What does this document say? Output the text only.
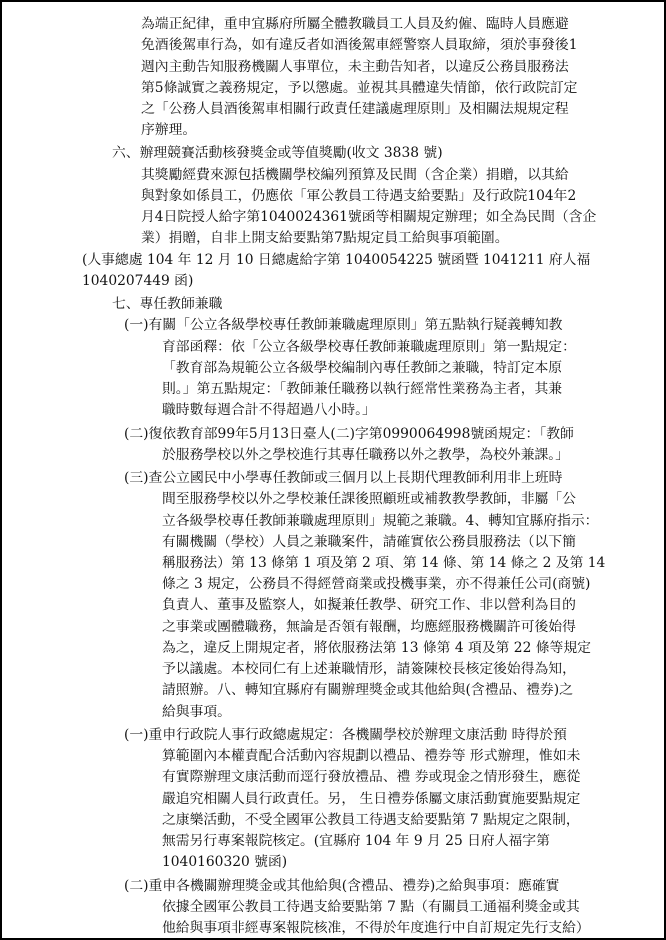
為端正紀律，重申宜縣府所屬全體教職員工人員及約僱、臨時人員應避
免酒後駕車行為，如有違反者如酒後駕車經警察人員取締，須於事發後1
週內主動告知服務機關人事單位，未主動告知者，以違反公務員服務法
第5條誠實之義務規定，予以懲處。並視其具體違失情節，依行政院訂定
之「公務人員酒後駕車相關行政責任建議處理原則」及相關法規規定程
序辦理。
六、辦理競賽活動核發獎金或等值獎勵(收文 3838 號)
其獎勵經費來源包括機關學校編列預算及民間（含企業）捐贈，以其給
與對象如係員工，仍應依「軍公教員工待遇支給要點」及行政院104年2
月4日院授人給字第1040024361號函等相關規定辦理；如全為民間（含企
業）捐贈，自非上開支給要點第7點規定員工給與事項範圍。
(人事總處 104 年 12 月 10 日總處給字第 1040054225 號函暨 1041211 府人福
1040207449 函)
七、專任教師兼職
(一)有關「公立各級學校專任教師兼職處理原則」第五點執行疑義轉知教
育部函釋：依「公立各級學校專任教師兼職處理原則」第一點規定：
「教育部為規範公立各級學校編制內專任教師之兼職，特訂定本原
則。」第五點規定：「教師兼任職務以執行經常性業務為主者，其兼
職時數每週合計不得超過八小時。」
(二)復依教育部99年5月13日臺人(二)字第0990064998號函規定：「教師
於服務學校以外之學校進行其專任職務以外之教學，為校外兼課。」
(三)查公立國民中小學專任教師或三個月以上長期代理教師利用非上班時
間至服務學校以外之學校兼任課後照顧班或補教教學教師，非屬「公
立各級學校專任教師兼職處理原則」規範之兼職。4、轉知宜縣府指示：
有關機關（學校）人員之兼職案件，請確實依公務員服務法（以下簡
稱服務法）第 13 條第 1 項及第 2 項、第 14 條、第 14 條之 2 及第 14
條之 3 規定，公務員不得經營商業或投機事業，亦不得兼任公司(商號)
負責人、董事及監察人，如擬兼任教學、研究工作、非以營利為目的
之事業或團體職務，無論是否領有報酬，均應經服務機關許可後始得
為之，違反上開規定者，將依服務法第 13 條第 4 項及第 22 條等規定
予以議處。本校同仁有上述兼職情形，請簽陳校長核定後始得為知，
請照辦。八、轉知宜縣府有關辦理獎金或其他給與(含禮品、禮券)之
給與事項。
(一)重申行政院人事行政總處規定：各機關學校於辦理文康活動 時得於預
算範圍內本權責配合活動內容規劃以禮品、禮券等 形式辦理，惟如未
有實際辦理文康活動而逕行發放禮品、禮 券或現金之情形發生，應從
嚴追究相關人員行政責任。另， 生日禮券係屬文康活動實施要點規定
之康樂活動，不受全國軍公教員工待遇支給要點第 7 點規定之限制，
無需另行專案報院核定。(宜縣府 104 年 9 月 25 日府人福字第
1040160320 號函)
(二)重申各機關辦理獎金或其他給與(含禮品、禮券)之給與事項：應確實
依據全國軍公教員工待遇支給要點第 7 點（有關員工通福利獎金或其
他給與事項非經專案報院核准，不得於年度進行中自訂規定先行支給）
